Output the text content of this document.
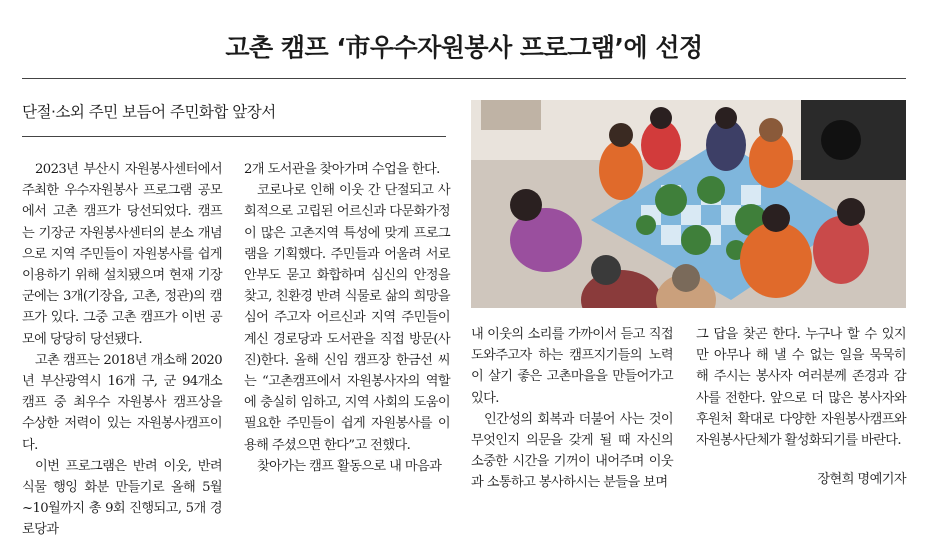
고촌 캠프 ‘市우수자원봉사 프로그램’에 선정
단절·소외 주민 보듬어 주민화합 앞장서

2023년 부산시 자원봉사센터에서 주최한 우수자원봉사 프로그램 공모에서 고촌 캠프가 당선되었다. 캠프는 기장군 자원봉사센터의 분소 개념으로 지역 주민들이 자원봉사를 쉽게 이용하기 위해 설치됐으며 현재 기장군에는 3개(기장읍, 고촌, 정관)의 캠프가 있다. 그중 고촌 캠프가 이번 공모에 당당히 당선됐다.

고촌 캠프는 2018년 개소해 2020년 부산광역시 16개 구, 군 94개소 캠프 중 최우수 자원봉사 캠프상을 수상한 저력이 있는 자원봉사캠프이다.

이번 프로그램은 반려 이웃, 반려식물 행잉 화분 만들기로 올해 5월~10월까지 총 9회 진행되고, 5개 경로당과

2개 도서관을 찾아가며 수업을 한다.

코로나로 인해 이웃 간 단절되고 사회적으로 고립된 어르신과 다문화가정이 많은 고촌지역 특성에 맞게 프로그램을 기획했다. 주민들과 어울려 서로 안부도 묻고 화합하며 심신의 안정을 찾고, 친환경 반려 식물로 삶의 희망을 심어 주고자 어르신과 지역 주민들이 계신 경로당과 도서관을 직접 방문(사진)한다. 올해 신임 캠프장 한금선 씨는 “고촌캠프에서 자원봉사자의 역할에 충실히 임하고, 지역 사회의 도움이 필요한 주민들이 쉽게 자원봉사를 이용해 주셨으면 한다”고 전했다.

찾아가는 캠프 활동으로 내 마음과

내 이웃의 소리를 가까이서 듣고 직접 도와주고자 하는 캠프지기들의 노력이 살기 좋은 고촌마을을 만들어가고 있다.

인간성의 회복과 더불어 사는 것이 무엇인지 의문을 갖게 될 때 자신의 소중한 시간을 기꺼이 내어주며 이웃과 소통하고 봉사하시는 분들을 보며

그 답을 찾곤 한다. 누구나 할 수 있지만 아무나 해 낼 수 없는 일을 묵묵히 해 주시는 봉사자 여러분께 존경과 감사를 전한다. 앞으로 더 많은 봉사자와 후원처 확대로 다양한 자원봉사캠프와 자원봉사단체가 활성화되기를 바란다.

장현희 명예기자
